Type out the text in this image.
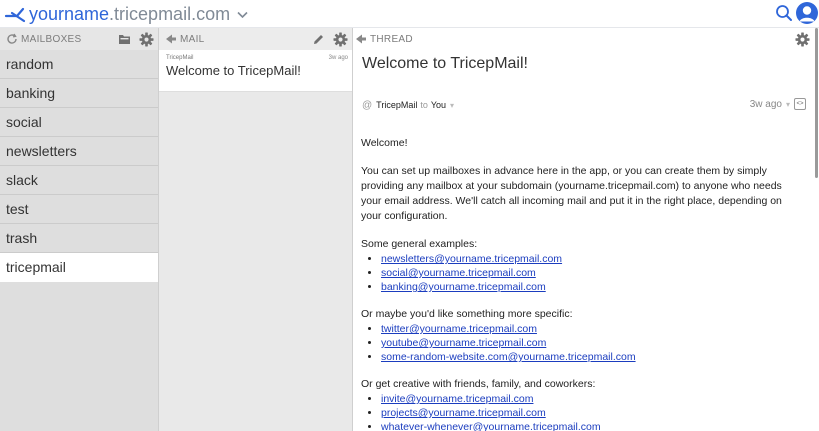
yourname .tricepmail.com
MAILBOXES
random
banking
social
newsletters
slack
test
trash
tricepmail
MAIL
TricepMail	3w ago
Welcome to TricepMail!
THREAD
Welcome to TricepMail!
@ TricepMail to You ▾	3w ago ▾	<>

Welcome!

You can set up mailboxes in advance here in the app, or you can create them by simply providing any mailbox at your subdomain (yourname.tricepmail.com) to anyone who needs your email address. We'll catch all incoming mail and put it in the right place, depending on your configuration.

Some general examples:
• newsletters@yourname.tricepmail.com
• social@yourname.tricepmail.com
• banking@yourname.tricepmail.com
Or maybe you'd like something more specific:
• twitter@yourname.tricepmail.com
• youtube@yourname.tricepmail.com
• some-random-website.com@yourname.tricepmail.com
Or get creative with friends, family, and coworkers:
• invite@yourname.tricepmail.com
• projects@yourname.tricepmail.com
• whatever-whenever@yourname.tricepmail.com
